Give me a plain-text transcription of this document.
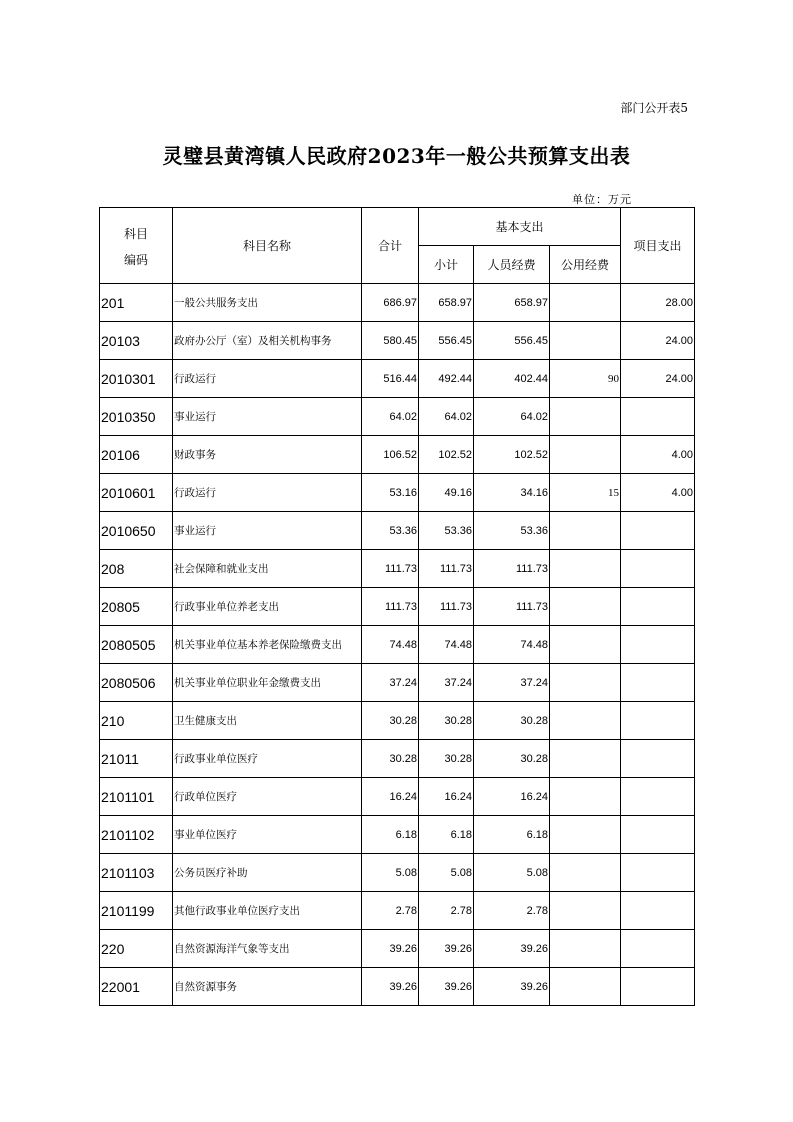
部门公开表5
灵璧县黄湾镇人民政府2023年一般公共预算支出表
单位：万元
科目
编码	科目名称	合计	基本支出			项目支出
			小计	人员经费	公用经费	
201	一般公共服务支出	686.97	658.97	658.97		28.00
20103	政府办公厅（室）及相关机构事务	580.45	556.45	556.45		24.00
2010301	行政运行	516.44	492.44	402.44	90	24.00
2010350	事业运行	64.02	64.02	64.02		
20106	财政事务	106.52	102.52	102.52		4.00
2010601	行政运行	53.16	49.16	34.16	15	4.00
2010650	事业运行	53.36	53.36	53.36		
208	社会保障和就业支出	111.73	111.73	111.73		
20805	行政事业单位养老支出	111.73	111.73	111.73		
2080505	机关事业单位基本养老保险缴费支出	74.48	74.48	74.48		
2080506	机关事业单位职业年金缴费支出	37.24	37.24	37.24		
210	卫生健康支出	30.28	30.28	30.28		
21011	行政事业单位医疗	30.28	30.28	30.28		
2101101	行政单位医疗	16.24	16.24	16.24		
2101102	事业单位医疗	6.18	6.18	6.18		
2101103	公务员医疗补助	5.08	5.08	5.08		
2101199	其他行政事业单位医疗支出	2.78	2.78	2.78		
220	自然资源海洋气象等支出	39.26	39.26	39.26		
22001	自然资源事务	39.26	39.26	39.26		
